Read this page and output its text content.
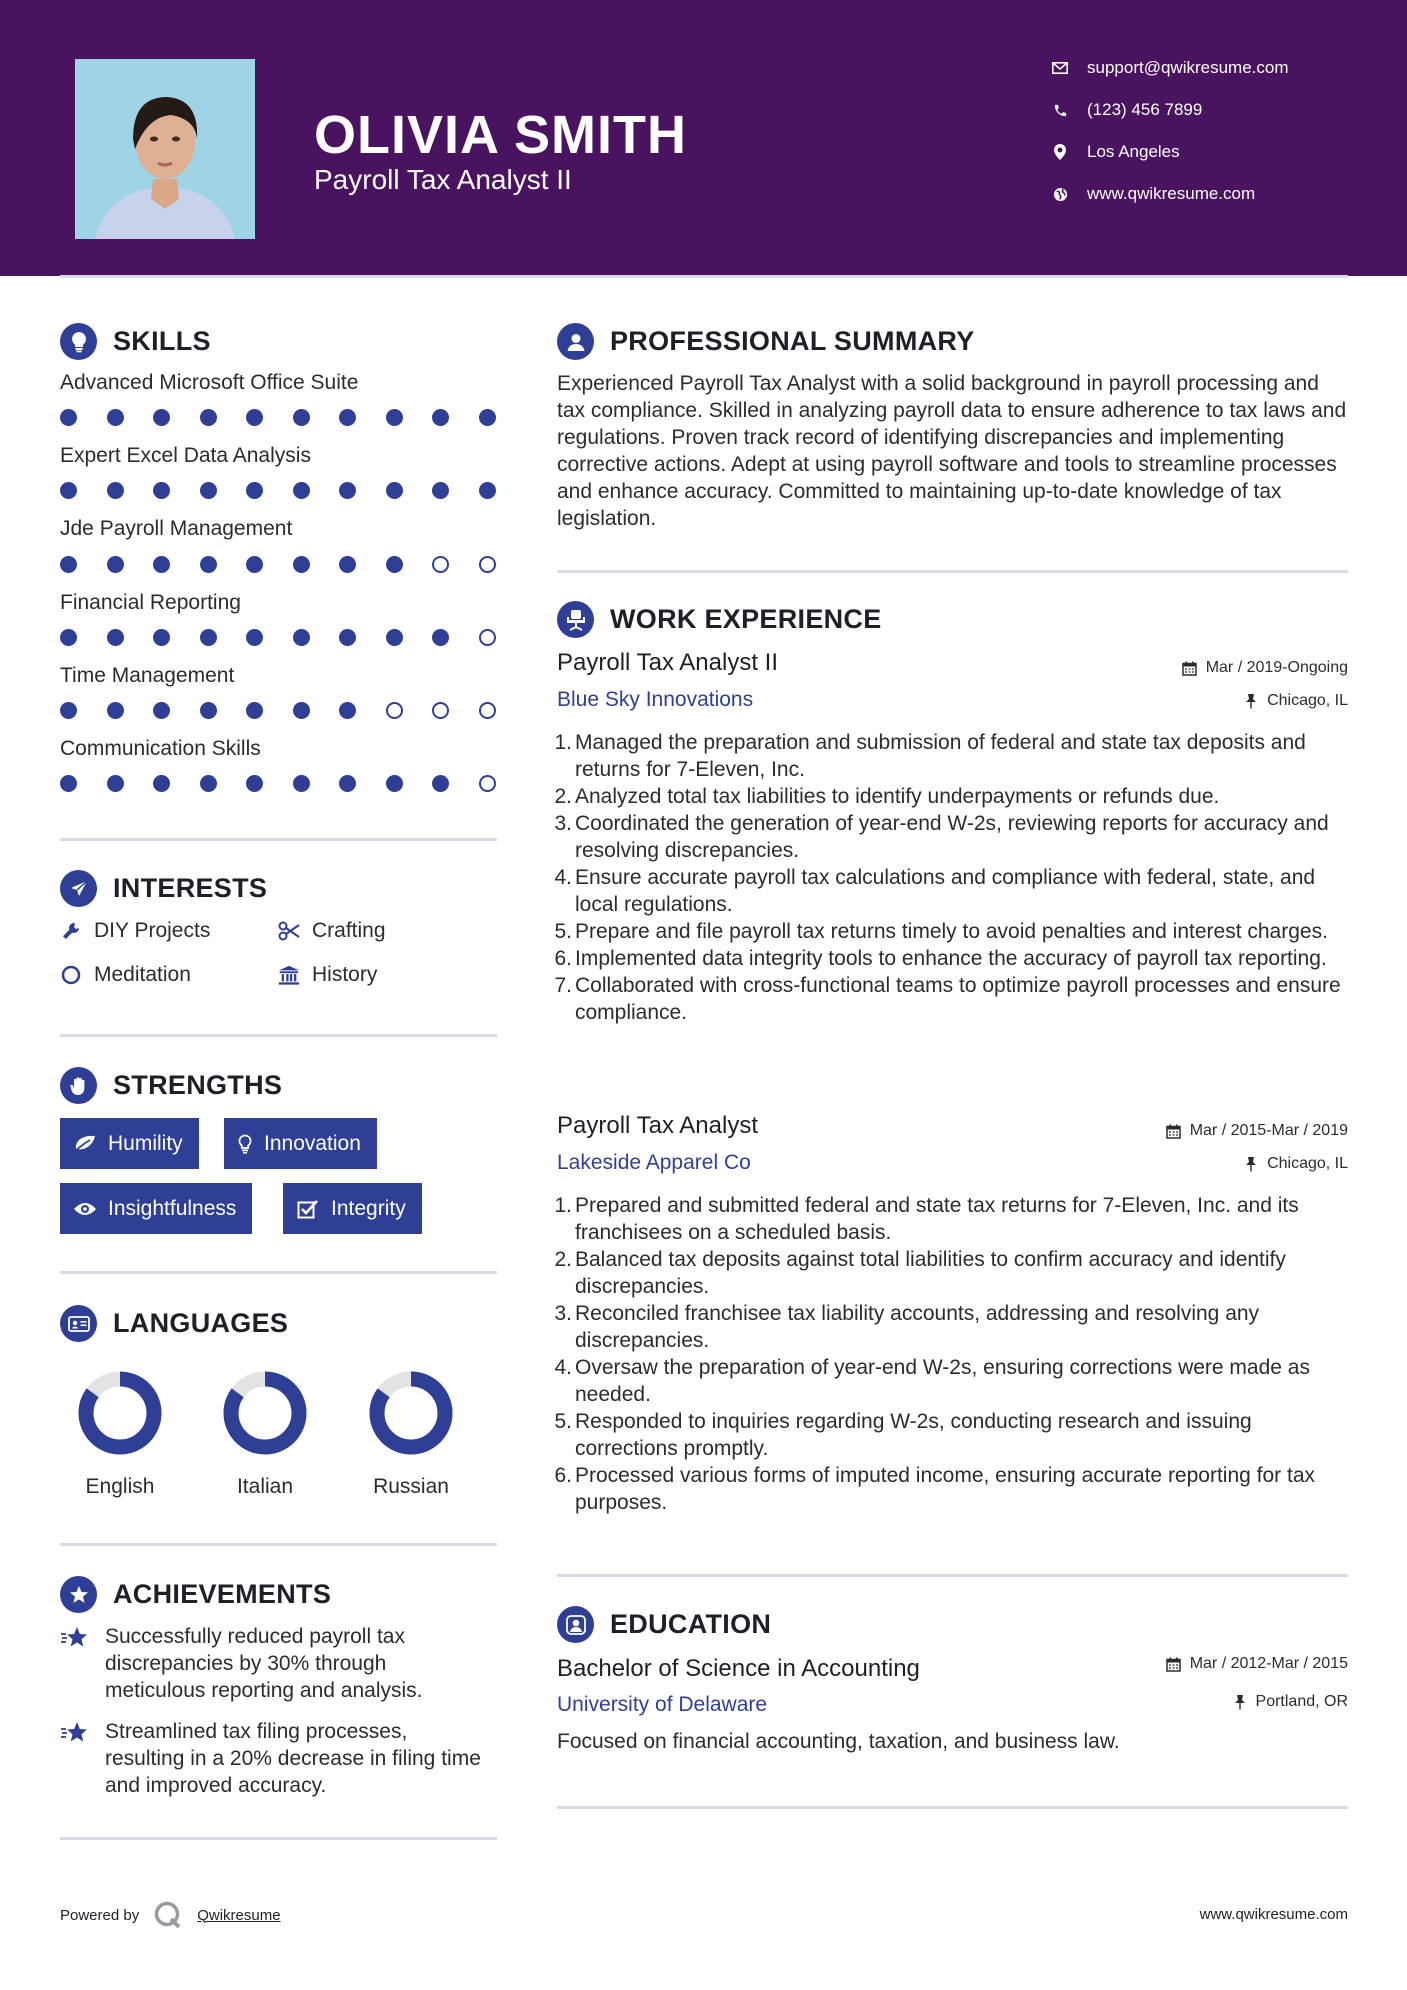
OLIVIA SMITH
Payroll Tax Analyst II
support@qwikresume.com
(123) 456 7899
Los Angeles
www.qwikresume.com
SKILLS
Advanced Microsoft Office Suite
Expert Excel Data Analysis
Jde Payroll Management
Financial Reporting
Time Management
Communication Skills
INTERESTS
DIY Projects	Crafting
Meditation	History
STRENGTHS
Humility	Innovation
Insightfulness	Integrity
LANGUAGES
English	Italian	Russian
ACHIEVEMENTS
Successfully reduced payroll tax discrepancies by 30% through meticulous reporting and analysis.
Streamlined tax filing processes, resulting in a 20% decrease in filing time and improved accuracy.
PROFESSIONAL SUMMARY
Experienced Payroll Tax Analyst with a solid background in payroll processing and tax compliance. Skilled in analyzing payroll data to ensure adherence to tax laws and regulations. Proven track record of identifying discrepancies and implementing corrective actions. Adept at using payroll software and tools to streamline processes and enhance accuracy. Committed to maintaining up-to-date knowledge of tax legislation.
WORK EXPERIENCE
Payroll Tax Analyst II	Mar / 2019-Ongoing
Blue Sky Innovations	Chicago, IL
1. Managed the preparation and submission of federal and state tax deposits and returns for 7-Eleven, Inc.
2. Analyzed total tax liabilities to identify underpayments or refunds due.
3. Coordinated the generation of year-end W-2s, reviewing reports for accuracy and resolving discrepancies.
4. Ensure accurate payroll tax calculations and compliance with federal, state, and local regulations.
5. Prepare and file payroll tax returns timely to avoid penalties and interest charges.
6. Implemented data integrity tools to enhance the accuracy of payroll tax reporting.
7. Collaborated with cross-functional teams to optimize payroll processes and ensure compliance.
Payroll Tax Analyst	Mar / 2015-Mar / 2019
Lakeside Apparel Co	Chicago, IL
1. Prepared and submitted federal and state tax returns for 7-Eleven, Inc. and its franchisees on a scheduled basis.
2. Balanced tax deposits against total liabilities to confirm accuracy and identify discrepancies.
3. Reconciled franchisee tax liability accounts, addressing and resolving any discrepancies.
4. Oversaw the preparation of year-end W-2s, ensuring corrections were made as needed.
5. Responded to inquiries regarding W-2s, conducting research and issuing corrections promptly.
6. Processed various forms of imputed income, ensuring accurate reporting for tax purposes.
EDUCATION
Bachelor of Science in Accounting	Mar / 2012-Mar / 2015
University of Delaware	Portland, OR
Focused on financial accounting, taxation, and business law.
Powered by	Qwikresume	www.qwikresume.com
